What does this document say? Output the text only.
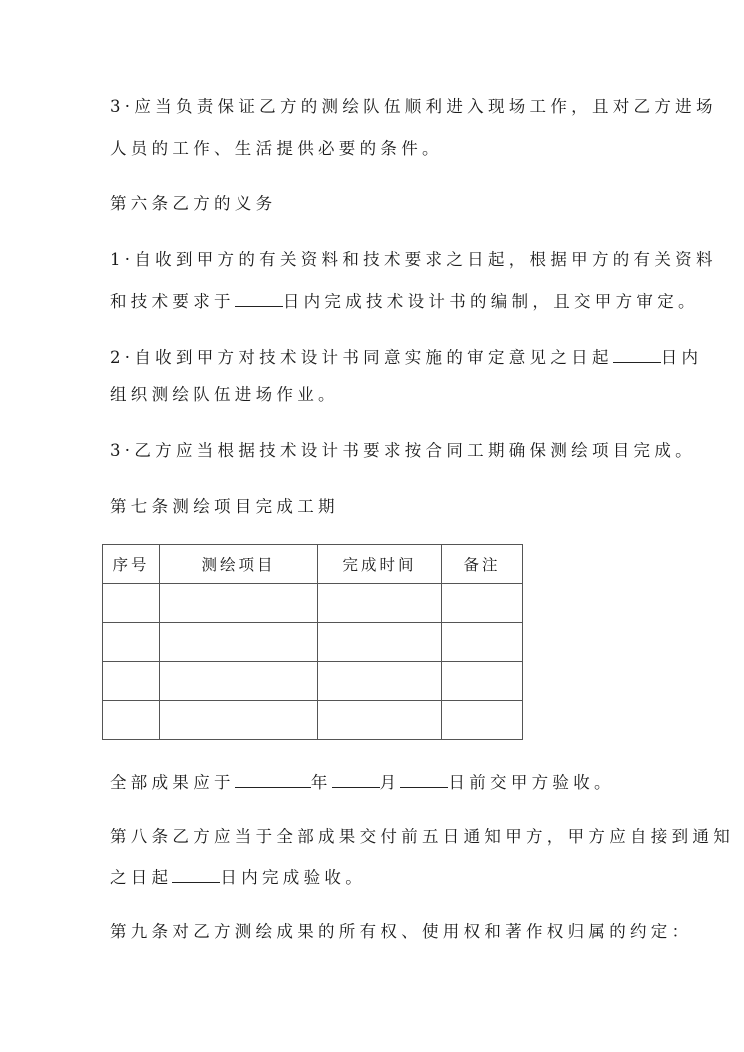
3·应当负责保证乙方的测绘队伍顺利进入现场工作，且对乙方进场
人员的工作、生活提供必要的条件。
第六条乙方的义务
1·自收到甲方的有关资料和技术要求之日起，根据甲方的有关资料
和技术要求于	日内完成技术设计书的编制，且交甲方审定。
2·自收到甲方对技术设计书同意实施的审定意见之日起	日内
组织测绘队伍进场作业。
3·乙方应当根据技术设计书要求按合同工期确保测绘项目完成。
第七条测绘项目完成工期
序号	测绘项目	完成时间	备注

全部成果应于	年	月	日前交甲方验收。
第八条乙方应当于全部成果交付前五日通知甲方，甲方应自接到通知
之日起	日内完成验收。
第九条对乙方测绘成果的所有权、使用权和著作权归属的约定：
